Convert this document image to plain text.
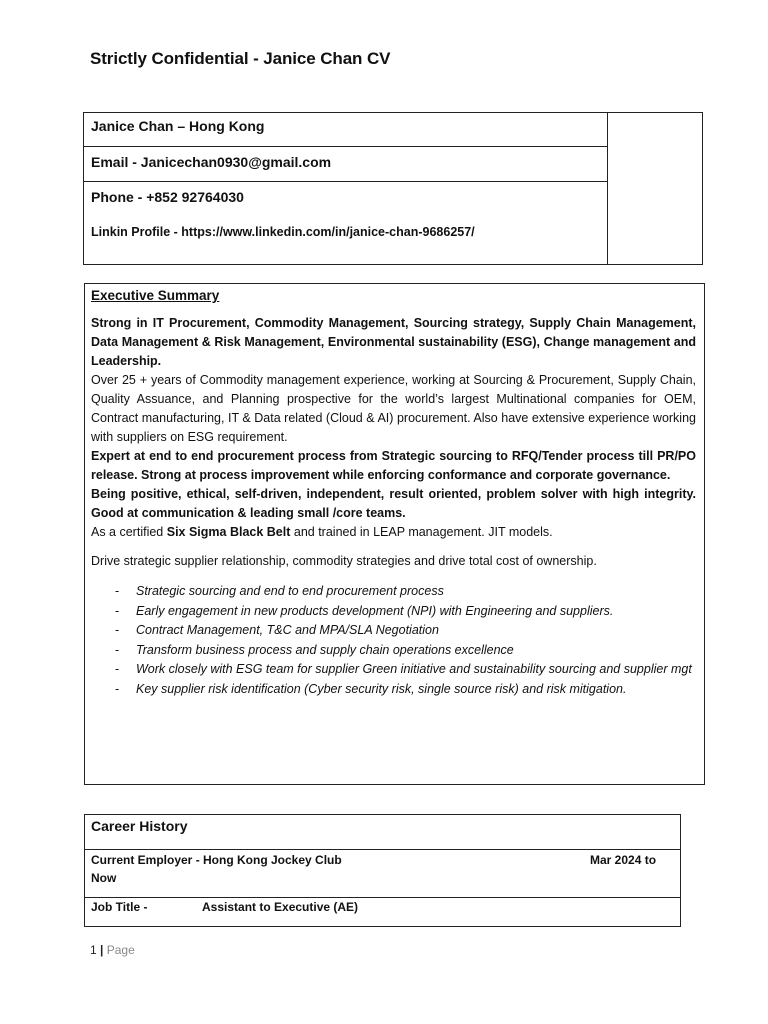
Strictly Confidential - Janice Chan CV
Janice Chan – Hong Kong
Email - Janicechan0930@gmail.com
Phone - +852 92764030
Linkin Profile - https://www.linkedin.com/in/janice-chan-9686257/
Executive Summary

Strong in IT Procurement, Commodity Management, Sourcing strategy, Supply Chain Management, Data Management & Risk Management, Environmental sustainability (ESG), Change management and Leadership.

Over 25 + years of Commodity management experience, working at Sourcing & Procurement, Supply Chain, Quality Assuance, and Planning prospective for the world’s largest Multinational companies for OEM, Contract manufacturing, IT & Data related (Cloud & AI) procurement. Also have extensive experience working with suppliers on ESG requirement.

Expert at end to end procurement process from Strategic sourcing to RFQ/Tender process till PR/PO release. Strong at process improvement while enforcing conformance and corporate governance.

Being positive, ethical, self-driven, independent, result oriented, problem solver with high integrity. Good at communication & leading small /core teams.

As a certified Six Sigma Black Belt and trained in LEAP management. JIT models.

Drive strategic supplier relationship, commodity strategies and drive total cost of ownership.

- Strategic sourcing and end to end procurement process
- Early engagement in new products development (NPI) with Engineering and suppliers.
- Contract Management, T&C and MPA/SLA Negotiation
- Transform business process and supply chain operations excellence
- Work closely with ESG team for supplier Green initiative and sustainability sourcing and supplier mgt
- Key supplier risk identification (Cyber security risk, single source risk) and risk mitigation.
Career History
Current Employer - Hong Kong Jockey Club
Now
Mar 2024 to
Job Title -	Assistant to Executive (AE)
1 | Page
